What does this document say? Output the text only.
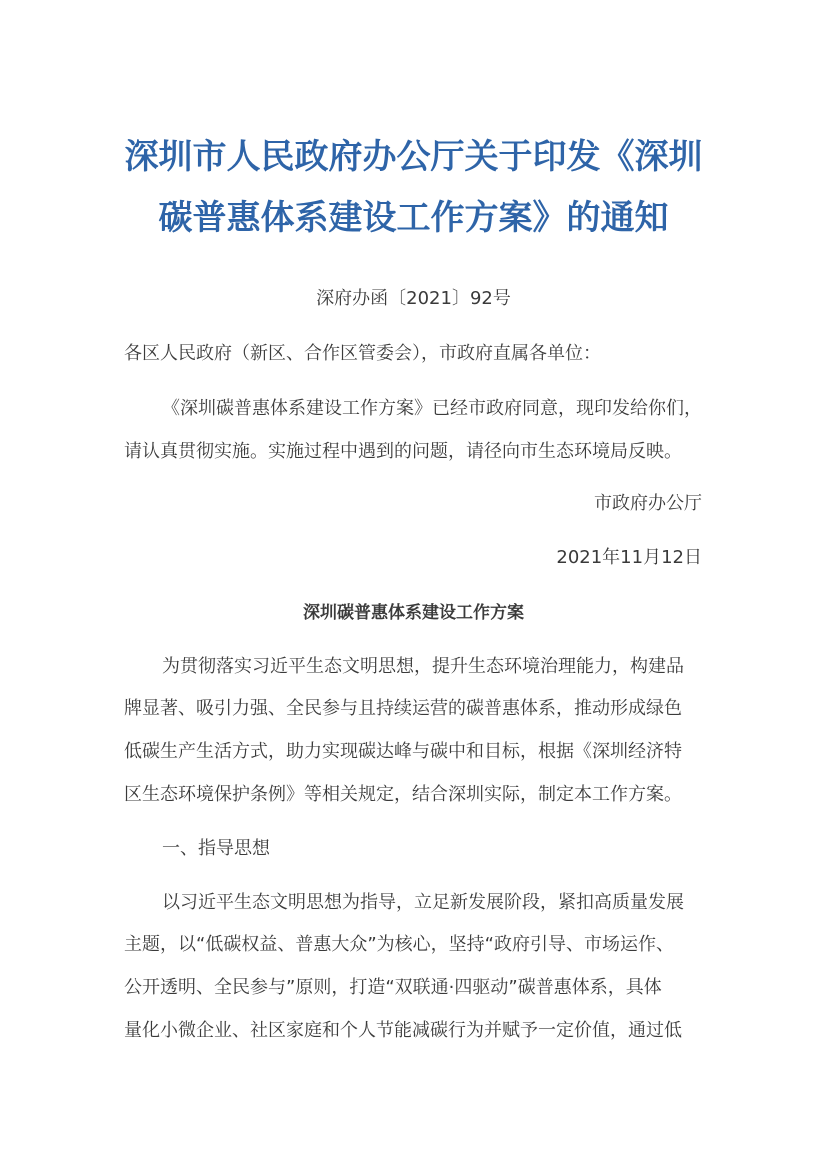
深圳市人民政府办公厅关于印发《深圳
碳普惠体系建设工作方案》的通知
深府办函〔2021〕92号
各区人民政府（新区、合作区管委会），市政府直属各单位：
《深圳碳普惠体系建设工作方案》已经市政府同意，现印发给你们，
请认真贯彻实施。实施过程中遇到的问题，请径向市生态环境局反映。
市政府办公厅
2021年11月12日
深圳碳普惠体系建设工作方案
为贯彻落实习近平生态文明思想，提升生态环境治理能力，构建品
牌显著、吸引力强、全民参与且持续运营的碳普惠体系，推动形成绿色
低碳生产生活方式，助力实现碳达峰与碳中和目标，根据《深圳经济特
区生态环境保护条例》等相关规定，结合深圳实际，制定本工作方案。
一、指导思想
以习近平生态文明思想为指导，立足新发展阶段，紧扣高质量发展
主题，以“低碳权益、普惠大众”为核心，坚持“政府引导、市场运作、
公开透明、全民参与”原则，打造“双联通·四驱动”碳普惠体系，具体
量化小微企业、社区家庭和个人节能减碳行为并赋予一定价值，通过低
